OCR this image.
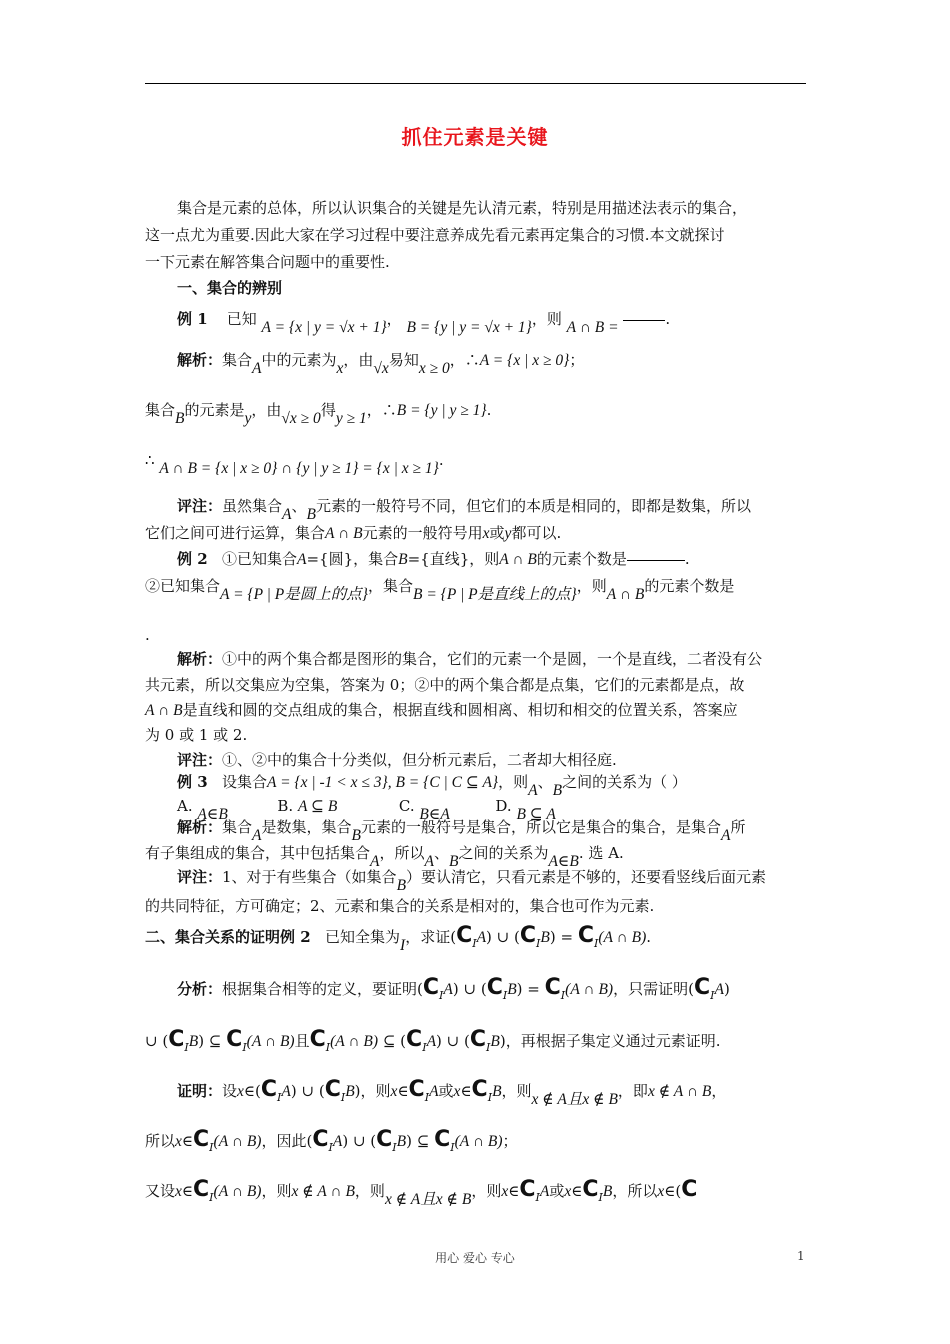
抓住元素是关键
集合是元素的总体，所以认识集合的关键是先认清元素，特别是用描述法表示的集合，
这一点尤为重要.因此大家在学习过程中要注意养成先看元素再定集合的习惯.本文就探讨
一下元素在解答集合问题中的重要性.
一、集合的辨别
例 1 已知 A = {x | y = √x + 1}， B = {y | y = √x + 1}，则 A ∩ B =	.
解析：集合A中的元素为x，由√x易知x ≥ 0，∴A = {x | x ≥ 0}；
集合B的元素是y，由√x ≥ 0得y ≥ 1，∴B = {y | y ≥ 1}.
∴ A ∩ B = {x | x ≥ 0} ∩ {y | y ≥ 1} = {x | x ≥ 1}.
评注：虽然集合A、B元素的一般符号不同，但它们的本质是相同的，即都是数集，所以
它们之间可进行运算，集合A ∩ B元素的一般符号用x或y都可以.
例 2 ①已知集合A={圆}，集合B={直线}，则A ∩ B的元素个数是	.
②已知集合A = {P | P是圆上的点}，集合B = {P | P是直线上的点}，则A ∩ B的元素个数是
.
解析：①中的两个集合都是图形的集合，它们的元素一个是圆，一个是直线，二者没有公
共元素，所以交集应为空集，答案为 0；②中的两个集合都是点集，它们的元素都是点，故
A ∩ B是直线和圆的交点组成的集合，根据直线和圆相离、相切和相交的位置关系，答案应
为 0 或 1 或 2.
评注：①、②中的集合十分类似，但分析元素后，二者却大相径庭.
例 3 设集合A = {x | -1 < x ≤ 3}, B = {C | C ⊆ A}，则A、B之间的关系为（ ）
A. A∈B	B. A ⊆ B	C. B∈A	D. B ⊆ A
解析：集合A是数集，集合B元素的一般符号是集合，所以它是集合的集合，是集合A所
有子集组成的集合，其中包括集合A，所以A、B之间的关系为A∈B. 选 A.
评注：1、对于有些集合（如集合B）要认清它，只看元素是不够的，还要看竖线后面元素
的共同特征，方可确定；2、元素和集合的关系是相对的，集合也可作为元素.
二、集合关系的证明例 2 已知全集为I，求证$(C_IA)$ ∪ $(C_IB) = C_I(A$ ∩ B).
分析：根据集合相等的定义，要证明$(C_IA)$ ∪ $(C_IB) = C_I(A$ ∩ B)，只需证明$(C_IA)$
∪ $(C_IB)$ ⊆ $C_I(A$ ∩ B)且$C_I(A$ ∩ B) ⊆ $(C_IA)$ ∪ $(C_IB)$，再根据子集定义通过元素证明.
证明：设$x\in(C_IA)$ ∪ $(C_IB)$，则$x\in C_IA$或$x\in C_IB$，则x ∉ A且x ∉ B，即x ∉ A ∩ B，
所以$x\in C_I(A$ ∩ B)，因此$(C_IA)$ ∪ $(C_IB)$ ⊆ $C_I(A$ ∩ B)；
又设$x\in C_I(A$ ∩ B)，则x ∉ A ∩ B，则x ∉ A且x ∉ B，则$x\in C_IA$或$x\in C_IB$，所以x∈(C
用心 爱心 专心	1
